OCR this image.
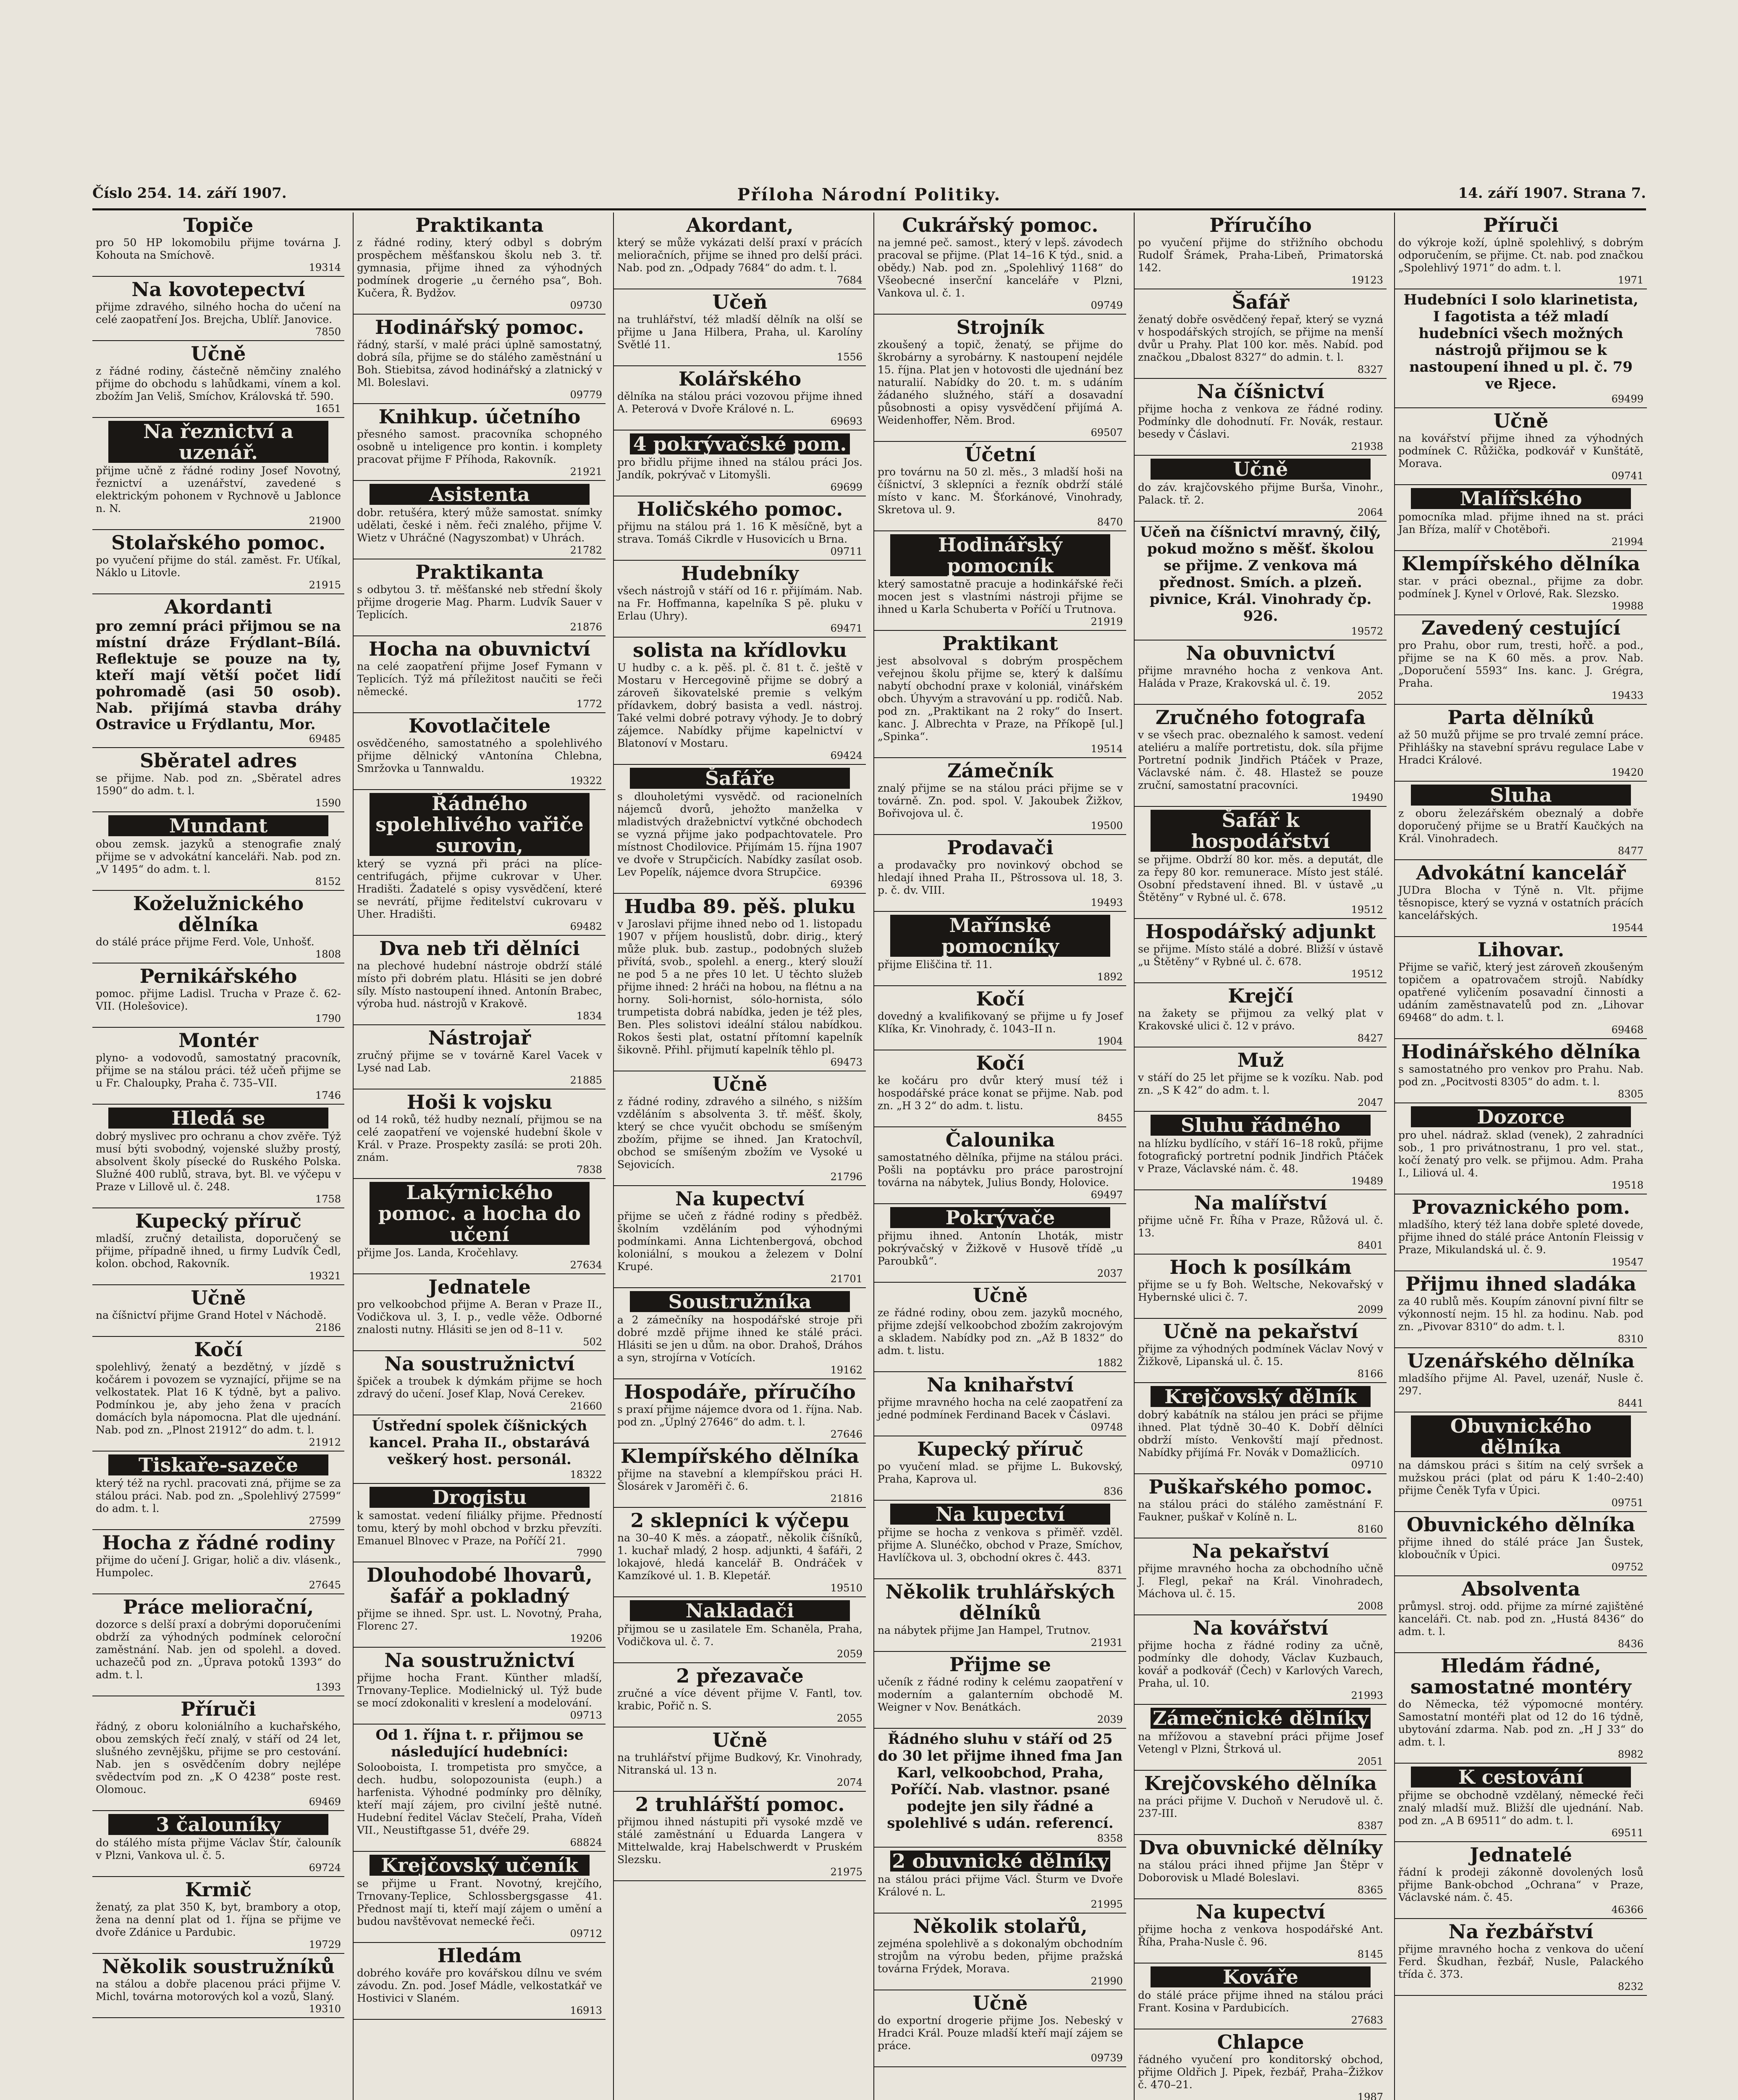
Číslo 254. 14. září 1907.	Příloha Národní Politiky.	14. září 1907. Strana 7.
Topiče
pro 50 HP lokomobilu přijme továrna J. Kohouta na Smíchově.
19314
Na kovotepectví
přijme zdravého, silného hocha do učení na celé zaopatření Jos. Brejcha, Ublíř. Janovice.
7850
Učně
z řádné rodiny, částečně němčiny znalého přijme do obchodu s lahůdkami, vínem a kol. zbožím Jan Veliš, Smíchov, Královská tř. 590.
1651
Na řeznictví a uzenář.
přijme učně z řádné rodiny Josef Novotný, řeznictví a uzenářství, zavedené s elektrickým pohonem v Rychnově u Jablonce n. N.
21900
Stolařského pomoc.
po vyučení přijme do stál. zaměst. Fr. Uťíkal, Náklo u Litovle.
21915
Akordanti
pro zemní práci přijmou se na místní dráze Frýdlant–Bílá. Reflektuje se pouze na ty, kteří mají větší počet lidí pohromadě (asi 50 osob). Nab. přijímá stavba dráhy Ostravice u Frýdlantu, Mor.
69485
Sběratel adres
se přijme. Nab. pod zn. „Sběratel adres 1590“ do adm. t. l.
1590
Mundant
obou zemsk. jazyků a stenografie znalý přijme se v advokátní kanceláři. Nab. pod zn. „V 1495“ do adm. t. l.
8152
Koželužnického dělníka
do stálé práce přijme Ferd. Vole, Unhošť.
1808
Pernikářského
pomoc. přijme Ladisl. Trucha v Praze č. 62-VII. (Holešovice).
1790
Montér
plyno- a vodovodů, samostatný pracovník, přijme se na stálou práci. též učeň přijme se u Fr. Chaloupky, Praha č. 735–VII.
1746
Hledá se
dobrý myslivec pro ochranu a chov zvěře. Týž musí býti svobodný, vojenské služby prostý, absolvent školy písecké do Ruského Polska. Služné 400 rublů, strava, byt. Bl. ve výčepu v Praze v Lillově ul. č. 248.
1758
Kupecký příruč
mladší, zručný detailista, doporučený se přijme, případně ihned, u firmy Ludvík Čedl, kolon. obchod, Rakovník.
19321
Učně
na číšnictví přijme Grand Hotel v Náchodě.
2186
Kočí
spolehlivý, ženatý a bezdětný, v jízdě s kočárem i povozem se vyznající, přijme se na velkostatek. Plat 16 K týdně, byt a palivo. Podmínkou je, aby jeho žena v pracích domácích byla nápomocna. Plat dle ujednání. Nab. pod zn. „Plnost 21912“ do adm. t. l.
21912
Tiskaře-sazeče
který též na rychl. pracovati zná, přijme se za stálou práci. Nab. pod zn. „Spolehlivý 27599“ do adm. t. l.
27599
Hocha z řádné rodiny
přijme do učení J. Grigar, holič a div. vlásenk., Humpolec.
27645
Práce meliorační,
dozorce s delší praxí a dobrými doporučeními obdrží za výhodných podmínek celoroční zaměstnání. Nab. jen od spolehl. a doved. uchazečů pod zn. „Úprava potoků 1393“ do adm. t. l.
1393
Příruči
řádný, z oboru koloniálního a kuchařského, obou zemských řečí znalý, v stáří od 24 let, slušného zevnějšku, přijme se pro cestování. Nab. jen s osvědčením dobry nejlépe svědectvím pod zn. „K O 4238“ poste rest. Olomouc.
69469
3 čalouníky
do stálého místa přijme Václav Štír, čalouník v Plzni, Vankova ul. č. 5.
69724
Krmič
ženatý, za plat 350 K, byt, brambory a otop, žena na denní plat od 1. října se přijme ve dvoře Zdánice u Pardubic.
19729
Několik soustružníků
na stálou a dobře placenou práci přijme V. Michl, továrna motorových kol a vozů, Slaný.
19310
Praktikanta
z řádné rodiny, který odbyl s dobrým prospěchem měšťanskou školu neb 3. tř. gymnasia, přijme ihned za výhodných podmínek drogerie „u černého psa“, Boh. Kučera, Ř. Bydžov.
09730
Hodinářský pomoc.
řádný, starší, v malé práci úplně samostatný, dobrá síla, přijme se do stálého zaměstnání u Boh. Stiebitsa, závod hodinářský a zlatnický v Ml. Boleslavi.
09779
Knihkup. účetního
přesného samost. pracovníka schopného osobně u inteligence pro kontin. i komplety pracovat přijme F Příhoda, Rakovník.
21921
Asistenta
dobr. retušéra, který může samostat. snímky udělati, české i něm. řeči znalého, přijme V. Wietz v Uhráčné (Nagyszombat) v Uhrách.
21782
Praktikanta
s odbytou 3. tř. měšťanské neb střední školy přijme drogerie Mag. Pharm. Ludvík Sauer v Teplicích.
21876
Hocha na obuvnictví
na celé zaopatření přijme Josef Fymann v Teplicích. Týž má příležitost naučiti se řeči německé.
1772
Kovotlačitele
osvědčeného, samostatného a spolehlivého přijme dělnický vAntonína Chlebna, Smržovka u Tannwaldu.
19322
Řádného spolehlivého vařiče surovin,
který se vyzná při práci na plíce-centrifugách, přijme cukrovar v Uher. Hradišti. Žadatelé s opisy vysvědčení, které se nevrátí, přijme ředitelství cukrovaru v Uher. Hradišti.
69482
Dva neb tři dělníci
na plechové hudební nástroje obdrží stálé místo při dobrém platu. Hlásiti se jen dobré síly. Místo nastoupení ihned. Antonín Brabec, výroba hud. nástrojů v Krakově.
1834
Nástrojař
zručný přijme se v továrně Karel Vacek v Lysé nad Lab.
21885
Hoši k vojsku
od 14 roků, též hudby neznalí, přijmou se na celé zaopatření ve vojenské hudební škole v Král. v Praze. Prospekty zasílá: se proti 20h. znám.
7838
Lakýrnického pomoc. a hocha do učení
přijme Jos. Landa, Kročehlavy.
27634
Jednatele
pro velkoobchod přijme A. Beran v Praze II., Vodičkova ul. 3, I. p., vedle věže. Odborné znalosti nutny. Hlásiti se jen od 8–11 v.
502
Na soustružnictví
špiček a troubek k dýmkám přijme se hoch zdravý do učení. Josef Klap, Nová Cerekev.
21660
Ústřední spolek číšnických kancel. Praha II., obstarává veškerý host. personál.
18322
Drogistu
k samostat. vedení filiálky přijme. Předností tomu, který by mohl obchod v brzku převzíti. Emanuel Blnovec v Praze, na Poříčí 21.
7990
Dlouhodobé lhovarů, šafář a pokladný
přijme se ihned. Spr. ust. L. Novotný, Praha, Florenc 27.
19206
Na soustružnictví
přijme hocha Frant. Künther mladší, Trnovany-Teplice. Modielnický ul. Týž bude se mocí zdokonaliti v kreslení a modelování.
09713
Od 1. října t. r. přijmou se následující hudebníci:
Solooboista, I. trompetista pro smyčce, a dech. hudbu, solopozounista (euph.) a harfenista. Výhodné podmínky pro dělníky, kteří mají zájem, pro civilní ještě nutné. Hudební ředitel Václav Stečelí, Praha, Vídeň VII., Neustiftgasse 51, dvéře 29.
68824
Krejčovský učeník
se přijme u Frant. Novotný, krejčího, Trnovany-Teplice, Schlossbergsgasse 41. Přednost mají ti, kteří mají zájem o umění a budou navštěvovat nemecké řeči.
09712
Hledám
dobrého kováře pro kovářskou dílnu ve svém závodu. Zn. pod. Josef Mádle, velkostatkář ve Hostivici v Slaném.
16913
Akordant,
který se může vykázati delší praxí v prácích melioračních, přijme se ihned pro delší práci. Nab. pod zn. „Odpady 7684“ do adm. t. l.
7684
Učeň
na truhlářství, též mladší dělník na olší se přijme u Jana Hilbera, Praha, ul. Karolíny Světlé 11.
1556
Kolářského
dělníka na stálou práci vozovou přijme ihned A. Peterová v Dvoře Králové n. L.
69693
4 pokrývačské pom.
pro břidlu přijme ihned na stálou práci Jos. Jandík, pokrývač v Litomyšli.
69699
Holičského pomoc.
přijmu na stálou prá 1. 16 K měsíčně, byt a strava. Tomáš Cikrdle v Husovicích u Brna.
09711
Hudebníky
všech nástrojů v stáří od 16 r. přijímám. Nab. na Fr. Hoffmanna, kapelníka S pě. pluku v Erlau (Uhry).
69471
solista na křídlovku
U hudby c. a k. pěš. pl. č. 81 t. č. ještě v Mostaru v Hercegovině přijme se dobrý a zároveň šikovatelské premie s velkým přídavkem, dobrý basista a vedl. nástroj. Také velmi dobré potravy výhody. Je to dobrý zájemce. Nabídky přijme kapelnictví v Blatonoví v Mostaru.
69424
Šafáře
s dlouholetými vysvědč. od racionelních nájemců dvorů, jehožto manželka v mladistvých dražebnictví vytkčné obchodech se vyzná přijme jako podpachtovatele. Pro místnost Chodilovice. Přijímám 15. října 1907 ve dvoře v Strupčicích. Nabídky zasílat osob. Lev Popelík, nájemce dvora Strupčice.
69396
Hudba 89. pěš. pluku
v Jaroslavi přijme ihned nebo od 1. listopadu 1907 v příjem houslistů, dobr. dirig., který může pluk. bub. zastup., podobných služeb přivítá, svob., spolehl. a energ., který slouží ne pod 5 a ne přes 10 let. U těchto služeb přijme ihned: 2 hráči na hobou, na flétnu a na horny. Soli-hornist, sólo-hornista, sólo trumpetista dobrá nabídka, jeden je též ples, Ben. Ples solistovi ideální stálou nabídkou. Rokos šesti plat, ostatní přítomní kapelník šikovně. Přihl. přijmutí kapelník těhlo pl.
69473
Učně
z řádné rodiny, zdravého a silného, s nižším vzděláním s absolventa 3. tř. měšť. školy, který se chce vyučit obchodu se smíšeným zbožím, přijme se ihned. Jan Kratochvíl, obchod se smíšeným zbožím ve Vysoké u Sejovicích.
21796
Na kupectví
přijme se učeň z řádné rodiny s předběž. školním vzděláním pod výhodnými podmínkami. Anna Lichtenbergová, obchod koloniální, s moukou a železem v Dolní Krupé.
21701
Soustružníka
a 2 zámečníky na hospodářské stroje při dobré mzdě přijme ihned ke stálé práci. Hlásiti se jen u dům. na obor. Drahoš, Dráhos a syn, strojírna v Votících.
19162
Hospodáře, příručího
s praxí přijme nájemce dvora od 1. října. Nab. pod zn. „Úplný 27646“ do adm. t. l.
27646
Klempířského dělníka
přijme na stavební a klempířskou práci H. Šlosárek v Jaroměři č. 6.
21816
2 sklepníci k výčepu
na 30–40 K měs. a záopatř., několik číšníků, 1. kuchař mladý, 2 hosp. adjunkti, 4 šafáři, 2 lokajové, hledá kancelář B. Ondráček v Kamzíkové ul. 1. B. Klepetář.
19510
Nakladači
přijmou se u zasilatele Em. Schaněla, Praha, Vodičkova ul. č. 7.
2059
2 přezavače
zručné a více dévent přijme V. Fantl, tov. krabic, Pořič n. S.
2055
Učně
na truhlářství přijme Budkový, Kr. Vinohrady, Nitranská ul. 13 n.
2074
2 truhlářští pomoc.
přijmou ihned nástupiti při vysoké mzdě ve stálé zaměstnání u Eduarda Langera v Mittelwalde, kraj Habelschwerdt v Pruském Slezsku.
21975
Cukrářský pomoc.
na jemné peč. samost., který v lepš. závodech pracoval se přijme. (Plat 14–16 K týd., snid. a obědy.) Nab. pod zn. „Spolehlivý 1168“ do Všeobecné inserční kanceláře v Plzni, Vankova ul. č. 1.
09749
Strojník
zkoušený a topič, ženatý, se přijme do škrobárny a syrobárny. K nastoupení nejdéle 15. října. Plat jen v hotovosti dle ujednání bez naturalií. Nabídky do 20. t. m. s udáním žádaného služného, stáří a dosavadní působnosti a opisy vysvědčení přijímá A. Weidenhoffer, Něm. Brod.
69507
Účetní
pro továrnu na 50 zl. měs., 3 mladší hoši na číšnictví, 3 sklepníci a řezník obdrží stálé místo v kanc. M. Šťorkánové, Vinohrady, Skretova ul. 9.
8470
Hodinářský pomocník
který samostatně pracuje a hodinkářské řeči mocen jest s vlastními nástroji přijme se ihned u Karla Schuberta v Poříčí u Trutnova.
21919
Praktikant
jest absolvoval s dobrým prospěchem veřejnou školu přijme se, který k dalšímu nabytí obchodní praxe v koloniál, vinářském obch. Úhyvým a stravování u pp. rodičů. Nab. pod zn. „Praktikant na 2 roky“ do Insert. kanc. J. Albrechta v Praze, na Příkopě [ul.] „Spinka“.
19514
Zámečník
znalý přijme se na stálou práci přijme se v továrně. Zn. pod. spol. V. Jakoubek Žižkov, Bořivojova ul. č.
19500
Prodavači
a prodavačky pro novinkový obchod se hledají ihned Praha II., Pštrossova ul. 18, 3. p. č. dv. VIII.
19493
Mařínské pomocníky
přijme Eliščina tř. 11.
1892
Kočí
dovedný a kvalifikovaný se přijme u fy Josef Klíka, Kr. Vinohrady, č. 1043–II n.
1904
Kočí
ke kočáru pro dvůr který musí též i hospodářské práce konat se přijme. Nab. pod zn. „H 3 2“ do adm. t. listu.
8455
Čalounika
samostatného dělníka, přijme na stálou práci. Pošli na poptávku pro práce parostrojní továrna na nábytek, Julius Bondy, Holovice.
69497
Pokrývače
přijmu ihned. Antonín Lhoták, mistr pokrývačský v Žižkově v Husově třídě „u Paroubků“.
2037
Učně
ze řádné rodiny, obou zem. jazyků mocného, přijme zdejší velkoobchod zbožím zakrojovým a skladem. Nabídky pod zn. „Až B 1832“ do adm. t. listu.
1882
Na knihařství
přijme mravného hocha na celé zaopatření za jedné podmínek Ferdinand Bacek v Čáslavi.
09748
Kupecký příruč
po vyučení mlad. se přijme L. Bukovský, Praha, Kaprova ul.
836
Na kupectví
přijme se hocha z venkova s přiměř. vzděl. přijme A. Slunéčko, obchod v Praze, Smíchov, Havlíčkova ul. 3, obchodní okres č. 443.
8371
Několik truhlářských dělníků
na nábytek přijme Jan Hampel, Trutnov.
21931
Přijme se
učeník z řádné rodiny k celému zaopatření v moderním a galanterním obchodě M. Weigner v Nov. Benátkách.
2039
Řádného sluhu v stáří od 25 do 30 let přijme ihned fma Jan Karl, velkoobchod, Praha, Poříčí. Nab. vlastnor. psané podejte jen sily řádné a spolehlivé s udán. referencí.
8358
2 obuvnické dělníky
na stálou práci přijme Václ. Šturm ve Dvoře Králové n. L.
21995
Několik stolařů,
zejména spolehlivě a s dokonalým obchodním strojům na výrobu beden, přijme pražská továrna Frýdek, Morava.
21990
Učně
do exportní drogerie přijme Jos. Nebeský v Hradci Král. Pouze mladší kteří mají zájem se práce.
09739
Příručího
po vyučení přijme do střižního obchodu Rudolf Šrámek, Praha-Libeň, Primatorská 142.
19123
Šafář
ženatý dobře osvědčený řepař, který se vyzná v hospodářských strojích, se přijme na menší dvůr u Prahy. Plat 100 kor. měs. Nabíd. pod značkou „Dbalost 8327“ do admin. t. l.
8327
Na číšnictví
přijme hocha z venkova ze řádné rodiny. Podmínky dle dohodnutí. Fr. Novák, restaur. besedy v Čáslavi.
21938
Učně
do záv. krajčovského přijme Burša, Vinohr., Palack. tř. 2.
2064
Učeň na číšnictví mravný, čilý, pokud možno s měšť. školou se přijme. Z venkova má přednost. Smích. a plzeň. pivnice, Král. Vinohrady čp. 926.
19572
Na obuvnictví
přijme mravného hocha z venkova Ant. Haláda v Praze, Krakovská ul. č. 19.
2052
Zručného fotografa
v se všech prac. obeznalého k samost. vedení ateliéru a malíře portretistu, dok. síla přijme Portretní podnik Jindřich Ptáček v Praze, Václavské nám. č. 48. Hlastež se pouze zruční, samostatní pracovníci.
19490
Šafář k hospodářství
se přijme. Obdrží 80 kor. měs. a deputát, dle za řepy 80 kor. remunerace. Místo jest stálé. Osobní představení ihned. Bl. v ústavě „u Štětěny“ v Rybné ul. č. 678.
19512
Hospodářský adjunkt
se přijme. Místo stálé a dobré. Bližší v ústavě „u Štětěny“ v Rybné ul. č. 678.
19512
Krejčí
na žakety se přijmou za velký plat v Krakovské ulici č. 12 v právo.
8427
Muž
v stáří do 25 let přijme se k vozíku. Nab. pod zn. „S K 42“ do adm. t. l.
2047
Sluhu řádného
na hlízku bydlícího, v stáří 16–18 roků, přijme fotografický portretní podnik Jindřich Ptáček v Praze, Václavské nám. č. 48.
19489
Na malířství
přijme učně Fr. Říha v Praze, Růžová ul. č. 13.
8401
Hoch k posílkám
přijme se u fy Boh. Weltsche, Nekovařský v Hybernské ulici č. 7.
2099
Učně na pekařství
přijme za výhodných podmínek Václav Nový v Žižkově, Lipanská ul. č. 15.
8166
Krejčovský dělník
dobrý kabátník na stálou jen práci se přijme ihned. Plat týdně 30–40 K. Dobří dělníci obdrží místo. Venkovští mají přednost. Nabídky přijímá Fr. Novák v Domažlicích.
09710
Puškařského pomoc.
na stálou práci do stálého zaměstnání F. Faukner, puškař v Kolíně n. L.
8160
Na pekařství
přijme mravného hocha za obchodního učně J. Flegl, pekař na Král. Vinohradech, Máchova ul. č. 15.
2008
Na kovářství
přijme hocha z řádné rodiny za učně, podmínky dle dohody, Václav Kuzbauch, kovář a podkovář (Čech) v Karlových Varech, Praha, ul. 10.
21993
Zámečnické dělníky
na mřížovou a stavební práci přijme Josef Vetengl v Plzni, Štrková ul.
2051
Krejčovského dělníka
na práci přijme V. Duchoň v Nerudově ul. č. 237-III.
8387
Dva obuvnické dělníky
na stálou práci ihned přijme Jan Štěpr v Doborovisk u Mladé Boleslavi.
8365
Na kupectví
přijme hocha z venkova hospodářské Ant. Říha, Praha-Nusle č. 96.
8145
Kováře
do stálé práce přijme ihned na stálou práci Frant. Kosina v Pardubicích.
27683
Chlapce
řádného vyučení pro konditorský obchod, přijme Oldřich J. Pipek, řezbář, Praha–Žižkov č. 470–21.
1987
Příruči
do výkroje koží, úplně spolehlivý, s dobrým odporučením, se přijme. Ct. nab. pod značkou „Spolehlivý 1971“ do adm. t. l.
1971
Hudebníci I solo klarinetista, I fagotista a též mladí hudebníci všech možných nástrojů přijmou se k nastoupení ihned u pl. č. 79 ve Rjece.
69499
Učně
na kovářství přijme ihned za výhodných podmínek C. Růžička, podkovář v Kunštátě, Morava.
09741
Malířského
pomocníka mlad. přijme ihned na st. práci Jan Bříza, malíř v Chotěboři.
21994
Klempířského dělníka
star. v práci obeznal., přijme za dobr. podmínek J. Kynel v Orlové, Rak. Slezsko.
19988
Zavedený cestující
pro Prahu, obor rum, tresti, hořč. a pod., přijme se na K 60 měs. a prov. Nab. „Doporučení 5593“ Ins. kanc. J. Grégra, Praha.
19433
Parta dělníků
až 50 mužů přijme se pro trvalé zemní práce. Přihlášky na stavební správu regulace Labe v Hradci Králové.
19420
Sluha
z oboru železářském obeznalý a dobře doporučený přijme se u Bratří Kaučkých na Král. Vinohradech.
8477
Advokátní kancelář
JUDra Blocha v Týně n. Vlt. přijme těsnopisce, který se vyzná v ostatních prácích kancelářských.
19544
Lihovar.
Přijme se vařič, který jest zároveň zkoušeným topičem a opatrovačem strojů. Nabídky opatřené vyličením posavadní činnosti a udáním zaměstnavatelů pod zn. „Lihovar 69468“ do adm. t. l.
69468
Hodinářského dělníka
s samostatného pro venkov pro Prahu. Nab. pod zn. „Pocitvosti 8305“ do adm. t. l.
8305
Dozorce
pro uhel. nádraž. sklad (venek), 2 zahradníci sob., 1 pro privátnostranu, 1 pro vel. stat., kočí ženatý pro velk. se přijmou. Adm. Praha I., Liliová ul. 4.
19518
Provaznického pom.
mladšího, který též lana dobře spleté dovede, přijme ihned do stálé práce Antonín Fleissig v Praze, Mikulandská ul. č. 9.
19547
Přijmu ihned sladáka
za 40 rublů měs. Koupím zánovní pivní filtr se výkonností nejm. 15 hl. za hodinu. Nab. pod zn. „Pivovar 8310“ do adm. t. l.
8310
Uzenářského dělníka
mladšího přijme Al. Pavel, uzenář, Nusle č. 297.
8441
Obuvnického dělníka
na dámskou práci s šitím na celý svršek a mužskou práci (plat od páru K 1:40–2:40) přijme Čeněk Tyfa v Úpici.
09751
Obuvnického dělníka
přijme ihned do stálé práce Jan Šustek, kloboučník v Úpici.
09752
Absolventa
průmysl. stroj. odd. přijme za mírné zajištěné kanceláři. Ct. nab. pod zn. „Hustá 8436“ do adm. t. l.
8436
Hledám řádné, samostatné montéry
do Německa, též výpomocné montéry. Samostatní montéři plat od 12 do 16 týdně, ubytování zdarma. Nab. pod zn. „H J 33“ do adm. t. l.
8982
K cestování
přijme se obchodně vzdělaný, německé řeči znalý mladší muž. Bližší dle ujednání. Nab. pod zn. „A B 69511“ do adm. t. l.
69511
Jednatelé
řádní k prodeji zákonně dovolených losů přijme Bank-obchod „Ochrana“ v Praze, Václavské nám. č. 45.
46366
Na řezbářství
přijme mravného hocha z venkova do učení Ferd. Škudhan, řezbář, Nusle, Palackého třída č. 373.
8232
